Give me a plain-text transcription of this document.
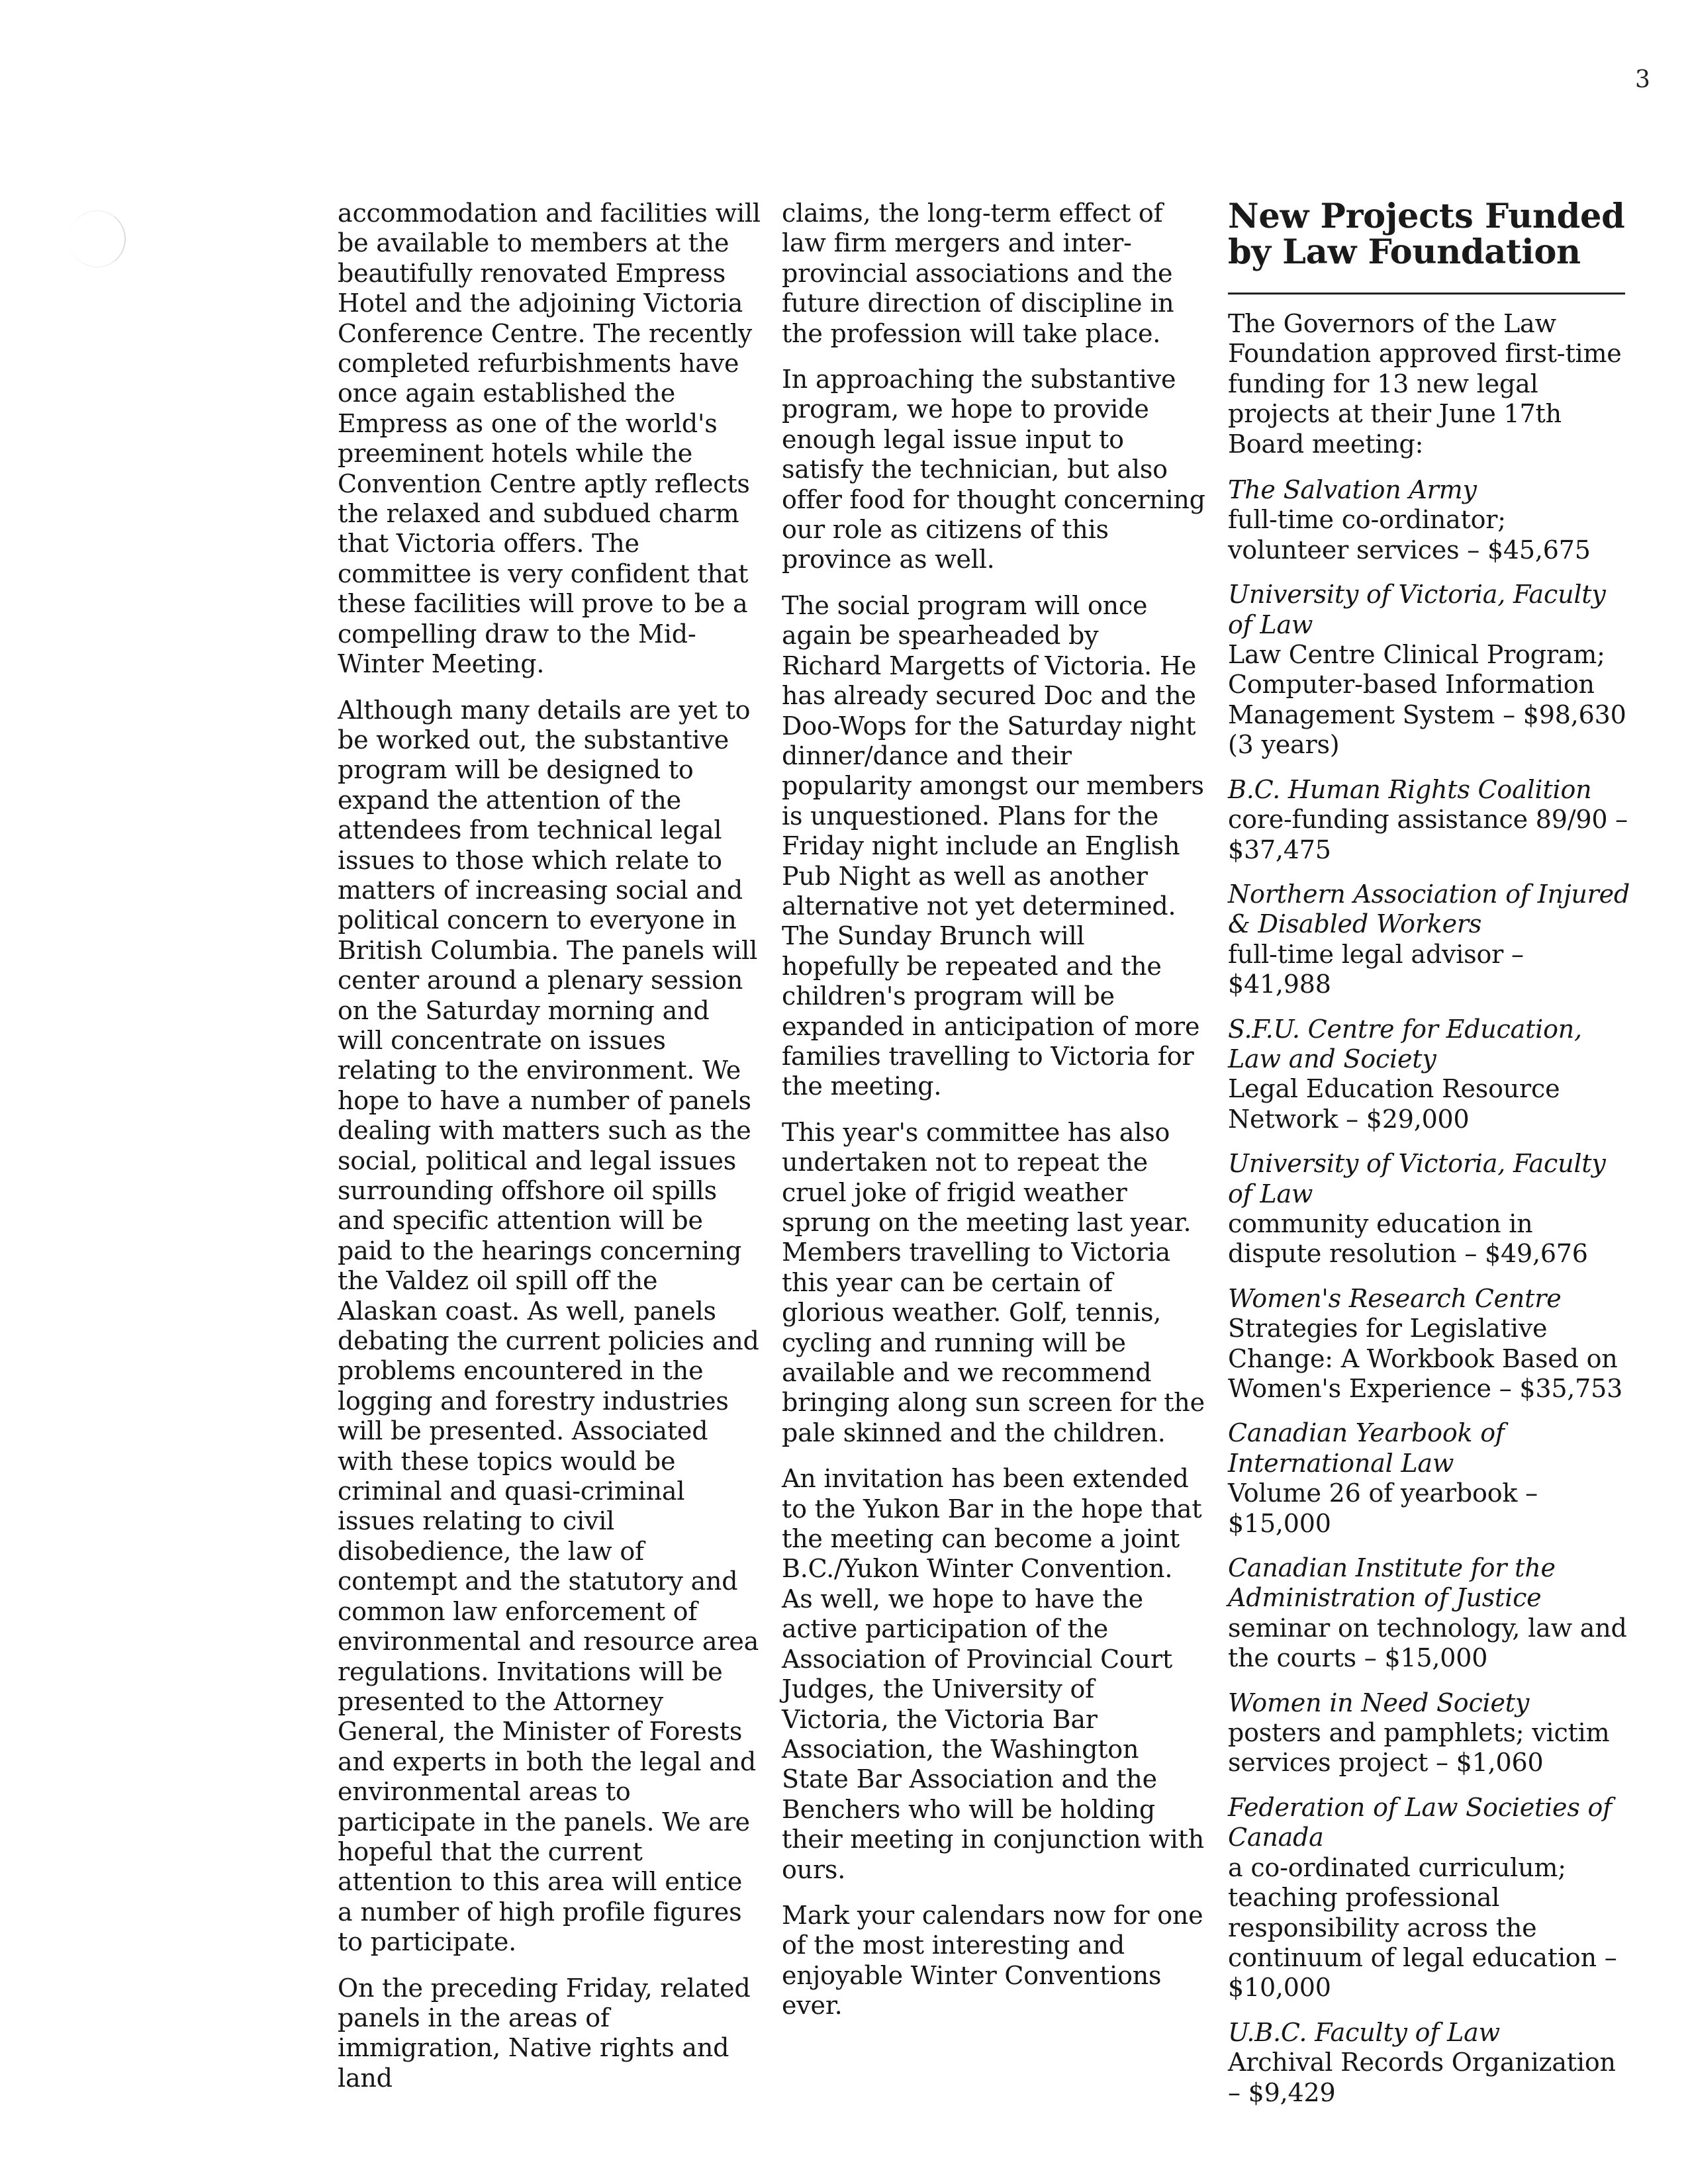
3

accommodation and facilities will be available to members at the beautifully renovated Empress Hotel and the adjoining Victoria Conference Centre. The recently completed refurbishments have once again established the Empress as one of the world's preeminent hotels while the Convention Centre aptly reflects the relaxed and subdued charm that Victoria offers. The committee is very confident that these facilities will prove to be a compelling draw to the Mid-Winter Meeting.

Although many details are yet to be worked out, the substantive program will be designed to expand the attention of the attendees from technical legal issues to those which relate to matters of increasing social and political concern to everyone in British Columbia. The panels will center around a plenary session on the Saturday morning and will concentrate on issues relating to the environment. We hope to have a number of panels dealing with matters such as the social, political and legal issues surrounding offshore oil spills and specific attention will be paid to the hearings concerning the Valdez oil spill off the Alaskan coast. As well, panels debating the current policies and problems encountered in the logging and forestry industries will be presented. Associated with these topics would be criminal and quasi-criminal issues relating to civil disobedience, the law of contempt and the statutory and common law enforcement of environmental and resource area regulations. Invitations will be presented to the Attorney General, the Minister of Forests and experts in both the legal and environmental areas to participate in the panels. We are hopeful that the current attention to this area will entice a number of high profile figures to participate.

On the preceding Friday, related panels in the areas of immigration, Native rights and land

claims, the long-term effect of law firm mergers and inter-provincial associations and the future direction of discipline in the profession will take place.

In approaching the substantive program, we hope to provide enough legal issue input to satisfy the technician, but also offer food for thought concerning our role as citizens of this province as well.

The social program will once again be spearheaded by Richard Margetts of Victoria. He has already secured Doc and the Doo-Wops for the Saturday night dinner/dance and their popularity amongst our members is unquestioned. Plans for the Friday night include an English Pub Night as well as another alternative not yet determined. The Sunday Brunch will hopefully be repeated and the children's program will be expanded in anticipation of more families travelling to Victoria for the meeting.

This year's committee has also undertaken not to repeat the cruel joke of frigid weather sprung on the meeting last year. Members travelling to Victoria this year can be certain of glorious weather. Golf, tennis, cycling and running will be available and we recommend bringing along sun screen for the pale skinned and the children.

An invitation has been extended to the Yukon Bar in the hope that the meeting can become a joint B.C./Yukon Winter Convention. As well, we hope to have the active participation of the Association of Provincial Court Judges, the University of Victoria, the Victoria Bar Association, the Washington State Bar Association and the Benchers who will be holding their meeting in conjunction with ours.

Mark your calendars now for one of the most interesting and enjoyable Winter Conventions ever.

New Projects Funded by Law Foundation

The Governors of the Law Foundation approved first-time funding for 13 new legal projects at their June 17th Board meeting:

The Salvation Army
full-time co-ordinator; volunteer services – $45,675
University of Victoria, Faculty of Law
Law Centre Clinical Program; Computer-based Information Management System – $98,630 (3 years)
B.C. Human Rights Coalition
core-funding assistance 89/90 – $37,475
Northern Association of Injured & Disabled Workers
full-time legal advisor – $41,988
S.F.U. Centre for Education, Law and Society
Legal Education Resource Network – $29,000
University of Victoria, Faculty of Law
community education in dispute resolution – $49,676
Women's Research Centre
Strategies for Legislative Change: A Workbook Based on Women's Experience – $35,753
Canadian Yearbook of International Law
Volume 26 of yearbook – $15,000
Canadian Institute for the Administration of Justice
seminar on technology, law and the courts – $15,000
Women in Need Society
posters and pamphlets; victim services project – $1,060
Federation of Law Societies of Canada
a co-ordinated curriculum; teaching professional responsibility across the continuum of legal education – $10,000
U.B.C. Faculty of Law
Archival Records Organization – $9,429
